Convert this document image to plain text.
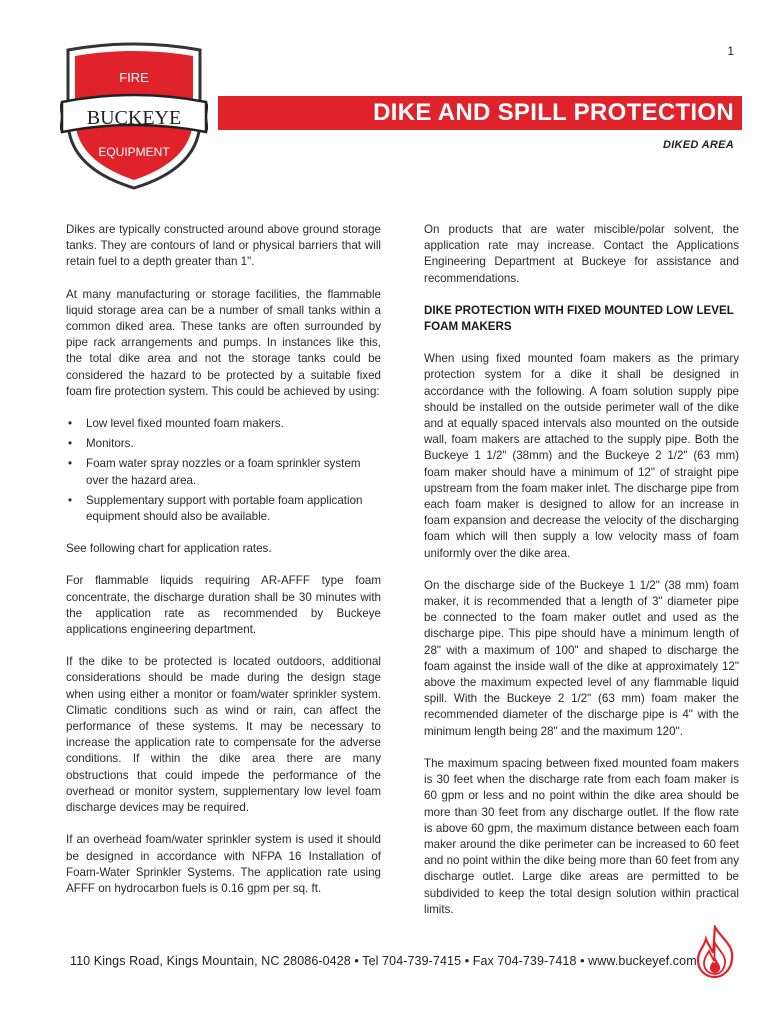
1
FIRE
BUCKEYE
EQUIPMENT
DIKE AND SPILL PROTECTION
DIKED AREA

Dikes are typically constructed around above ground storage tanks. They are contours of land or physical barriers that will retain fuel to a depth greater than 1".

At many manufacturing or storage facilities, the flammable liquid storage area can be a number of small tanks within a common diked area. These tanks are often surrounded by pipe rack arrangements and pumps. In instances like this, the total dike area and not the storage tanks could be considered the hazard to be protected by a suitable fixed foam fire protection system. This could be achieved by using:

• Low level fixed mounted foam makers.
• Monitors.
• Foam water spray nozzles or a foam sprinkler system over the hazard area.
• Supplementary support with portable foam application equipment should also be available.

See following chart for application rates.

For flammable liquids requiring AR-AFFF type foam concentrate, the discharge duration shall be 30 minutes with the application rate as recommended by Buckeye applications engineering department.

If the dike to be protected is located outdoors, additional considerations should be made during the design stage when using either a monitor or foam/water sprinkler system. Climatic conditions such as wind or rain, can affect the performance of these systems. It may be necessary to increase the application rate to compensate for the adverse conditions. If within the dike area there are many obstructions that could impede the performance of the overhead or monitor system, supplementary low level foam discharge devices may be required.

If an overhead foam/water sprinkler system is used it should be designed in accordance with NFPA 16 Installation of Foam-Water Sprinkler Systems. The application rate using AFFF on hydrocarbon fuels is 0.16 gpm per sq. ft.

On products that are water miscible/polar solvent, the application rate may increase. Contact the Applications Engineering Department at Buckeye for assistance and recommendations.

DIKE PROTECTION WITH FIXED MOUNTED LOW LEVEL FOAM MAKERS

When using fixed mounted foam makers as the primary protection system for a dike it shall be designed in accordance with the following. A foam solution supply pipe should be installed on the outside perimeter wall of the dike and at equally spaced intervals also mounted on the outside wall, foam makers are attached to the supply pipe. Both the Buckeye 1 1/2" (38mm) and the Buckeye 2 1/2" (63 mm) foam maker should have a minimum of 12" of straight pipe upstream from the foam maker inlet. The discharge pipe from each foam maker is designed to allow for an increase in foam expansion and decrease the velocity of the discharging foam which will then supply a low velocity mass of foam uniformly over the dike area.

On the discharge side of the Buckeye 1 1/2" (38 mm) foam maker, it is recommended that a length of 3" diameter pipe be connected to the foam maker outlet and used as the discharge pipe. This pipe should have a minimum length of 28" with a maximum of 100" and shaped to discharge the foam against the inside wall of the dike at approximately 12" above the maximum expected level of any flammable liquid spill. With the Buckeye 2 1/2" (63 mm) foam maker the recommended diameter of the discharge pipe is 4" with the minimum length being 28" and the maximum 120".

The maximum spacing between fixed mounted foam makers is 30 feet when the discharge rate from each foam maker is 60 gpm or less and no point within the dike area should be more than 30 feet from any discharge outlet. If the flow rate is above 60 gpm, the maximum distance between each foam maker around the dike perimeter can be increased to 60 feet and no point within the dike being more than 60 feet from any discharge outlet. Large dike areas are permitted to be subdivided to keep the total design solution within practical limits.

110 Kings Road, Kings Mountain, NC 28086-0428 • Tel 704-739-7415 • Fax 704-739-7418 • www.buckeyef.com
